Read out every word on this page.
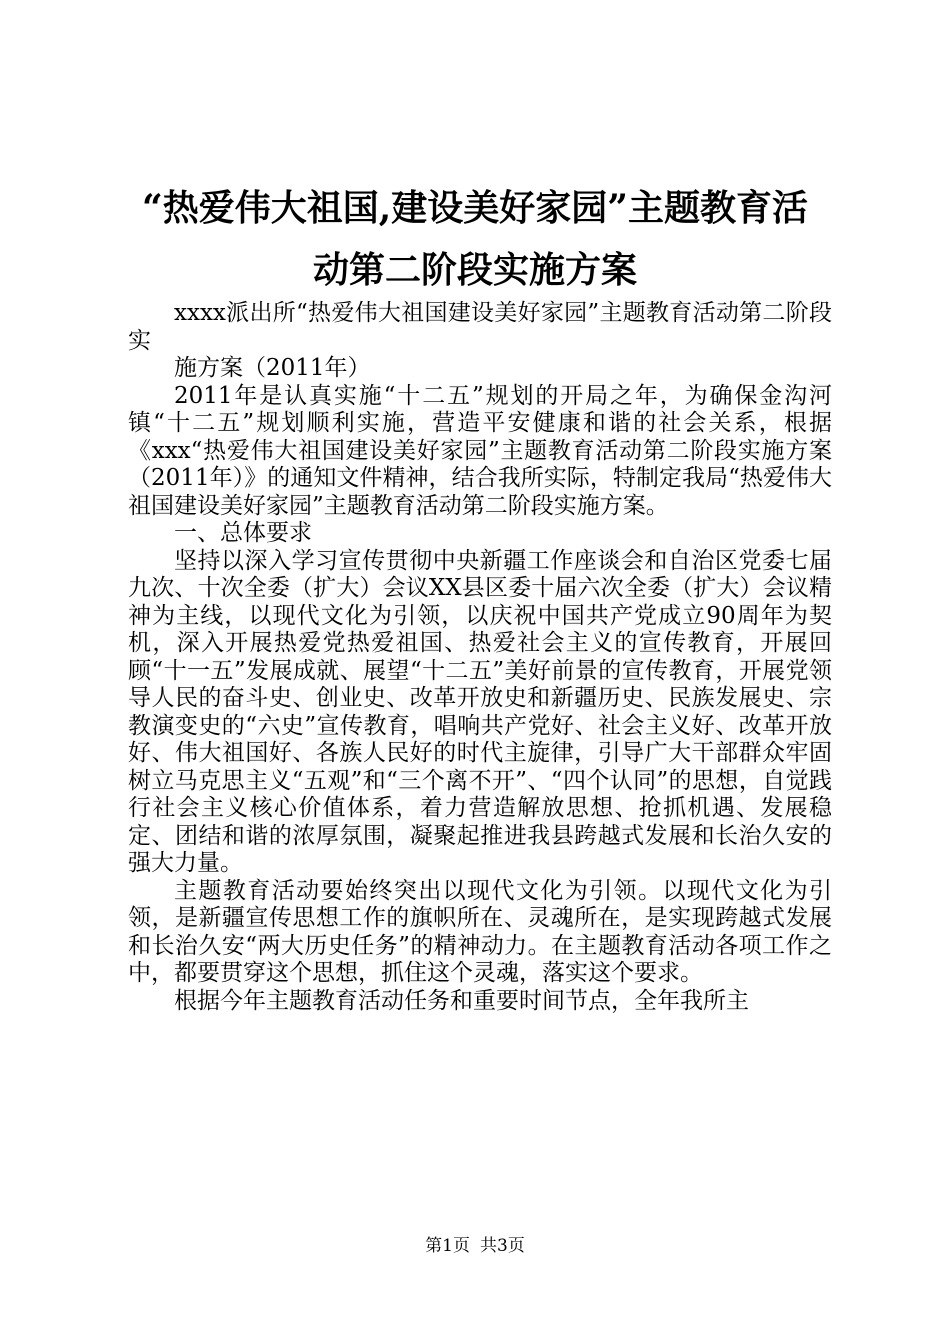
“热爱伟大祖国,建设美好家园”主题教育活
动第二阶段实施方案

xxxx派出所“热爱伟大祖国建设美好家园”主题教育活动第二阶段实

施方案（2011年）

2011年是认真实施“十二五”规划的开局之年，为确保金沟河镇“十二五”规划顺利实施，营造平安健康和谐的社会关系，根据《xxx“热爱伟大祖国建设美好家园”主题教育活动第二阶段实施方案（2011年）》的通知文件精神，结合我所实际，特制定我局“热爱伟大祖国建设美好家园”主题教育活动第二阶段实施方案。

一、总体要求

坚持以深入学习宣传贯彻中央新疆工作座谈会和自治区党委七届九次、十次全委（扩大）会议XX县区委十届六次全委（扩大）会议精神为主线，以现代文化为引领，以庆祝中国共产党成立90周年为契机，深入开展热爱党热爱祖国、热爱社会主义的宣传教育，开展回顾“十一五”发展成就、展望“十二五”美好前景的宣传教育，开展党领导人民的奋斗史、创业史、改革开放史和新疆历史、民族发展史、宗教演变史的“六史”宣传教育，唱响共产党好、社会主义好、改革开放好、伟大祖国好、各族人民好的时代主旋律，引导广大干部群众牢固树立马克思主义“五观”和“三个离不开”、“四个认同”的思想，自觉践行社会主义核心价值体系，着力营造解放思想、抢抓机遇、发展稳定、团结和谐的浓厚氛围，凝聚起推进我县跨越式发展和长治久安的强大力量。

主题教育活动要始终突出以现代文化为引领。以现代文化为引领，是新疆宣传思想工作的旗帜所在、灵魂所在，是实现跨越式发展和长治久安“两大历史任务”的精神动力。在主题教育活动各项工作之中，都要贯穿这个思想，抓住这个灵魂，落实这个要求。

根据今年主题教育活动任务和重要时间节点，全年我所主

第1页 共3页
